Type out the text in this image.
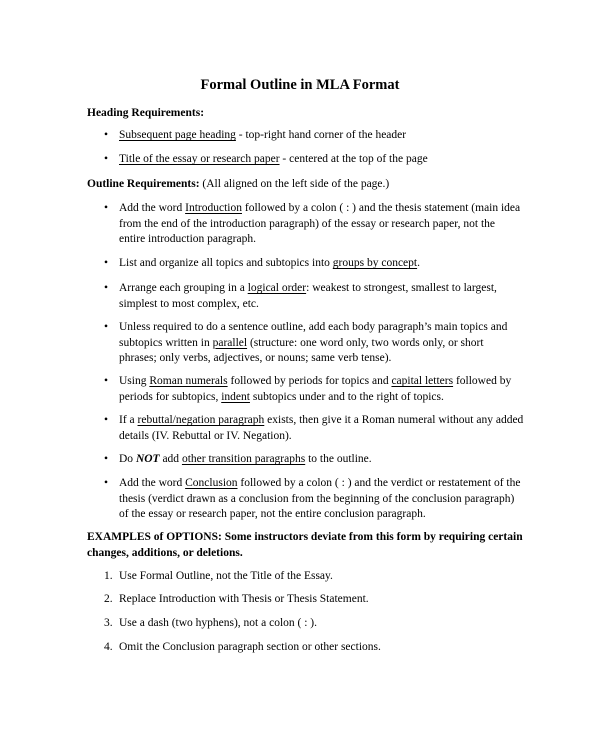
Formal Outline in MLA Format
Heading Requirements:
• Subsequent page heading - top-right hand corner of the header
• Title of the essay or research paper - centered at the top of the page
Outline Requirements: (All aligned on the left side of the page.)
• Add the word Introduction followed by a colon ( : ) and the thesis statement (main idea from the end of the introduction paragraph) of the essay or research paper, not the entire introduction paragraph.
• List and organize all topics and subtopics into groups by concept.
• Arrange each grouping in a logical order: weakest to strongest, smallest to largest, simplest to most complex, etc.
• Unless required to do a sentence outline, add each body paragraph’s main topics and subtopics written in parallel (structure: one word only, two words only, or short phrases; only verbs, adjectives, or nouns; same verb tense).
• Using Roman numerals followed by periods for topics and capital letters followed by periods for subtopics, indent subtopics under and to the right of topics.
• If a rebuttal/negation paragraph exists, then give it a Roman numeral without any added details (IV. Rebuttal or IV. Negation).
• Do NOT add other transition paragraphs to the outline.
• Add the word Conclusion followed by a colon ( : ) and the verdict or restatement of the thesis (verdict drawn as a conclusion from the beginning of the conclusion paragraph) of the essay or research paper, not the entire conclusion paragraph.
EXAMPLES of OPTIONS: Some instructors deviate from this form by requiring certain changes, additions, or deletions.
1. Use Formal Outline, not the Title of the Essay.
2. Replace Introduction with Thesis or Thesis Statement.
3. Use a dash (two hyphens), not a colon ( : ).
4. Omit the Conclusion paragraph section or other sections.
